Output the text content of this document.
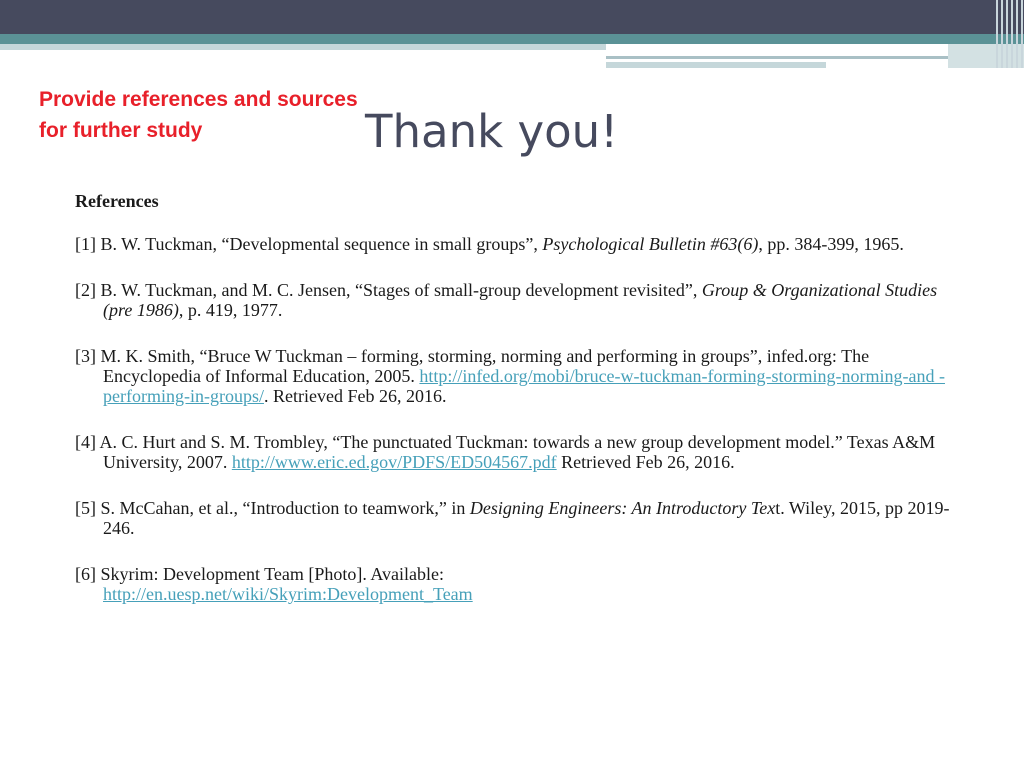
Provide references and sources for further study	Thank you!
References
[1] B. W. Tuckman, “Developmental sequence in small groups”, Psychological Bulletin #63(6), pp. 384-399, 1965.
[2] B. W. Tuckman, and M. C. Jensen, “Stages of small-group development revisited”, Group & Organizational Studies (pre 1986), p. 419, 1977.
[3] M. K. Smith, “Bruce W Tuckman – forming, storming, norming and performing in groups”, infed.org: The Encyclopedia of Informal Education, 2005. http://infed.org/mobi/bruce-w-tuckman-forming-storming-norming-and -performing-in-groups/. Retrieved Feb 26, 2016.
[4] A. C. Hurt and S. M. Trombley, “The punctuated Tuckman: towards a new group development model.” Texas A&M University, 2007. http://www.eric.ed.gov/PDFS/ED504567.pdf Retrieved Feb 26, 2016.
[5] S. McCahan, et al., “Introduction to teamwork,” in Designing Engineers: An Introductory Text. Wiley, 2015, pp 2019-246.
[6] Skyrim: Development Team [Photo]. Available:
http://en.uesp.net/wiki/Skyrim:Development_Team
